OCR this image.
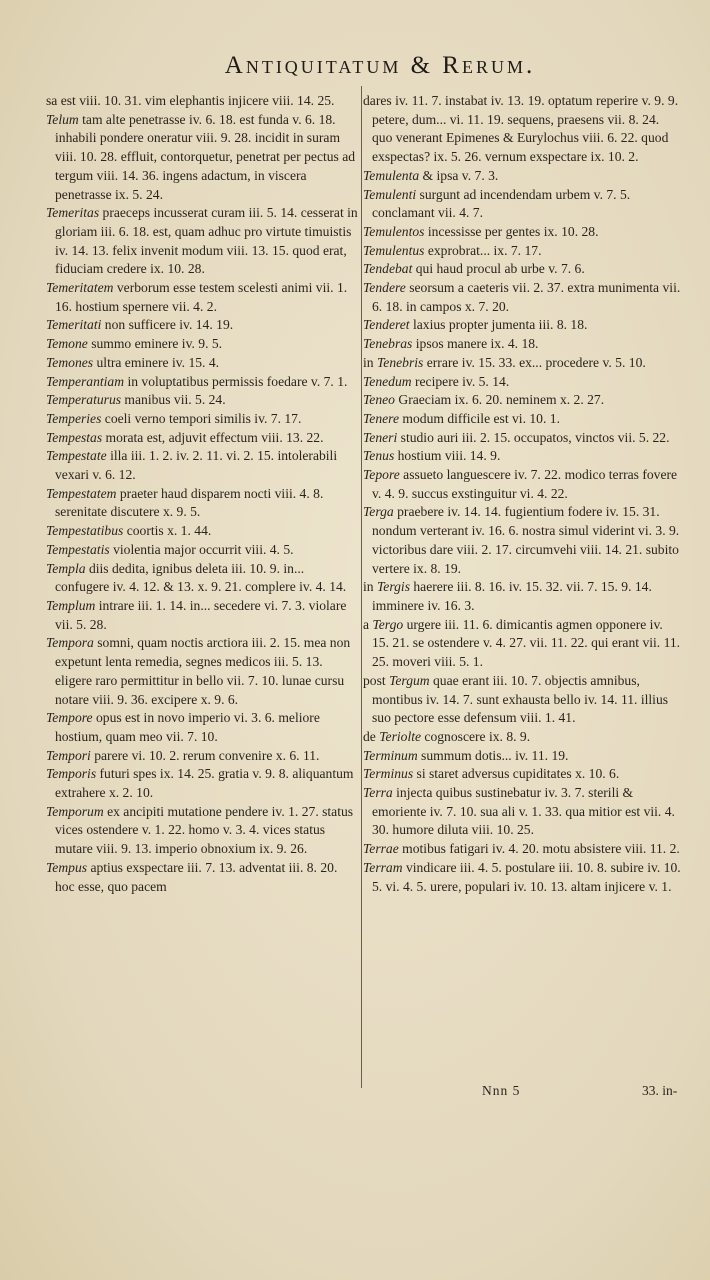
Antiquitatum & Rerum.

sa est viii. 10. 31. vim elephantis injicere viii. 14. 25.

Telum tam alte penetrasse iv. 6. 18. est funda v. 6. 18. inhabili pondere oneratur viii. 9. 28. incidit in suram viii. 10. 28. effluit, contorquetur, penetrat per pectus ad tergum viii. 14. 36. ingens adactum, in viscera penetrasse ix. 5. 24.

Temeritas praeceps incusserat curam iii. 5. 14. cesserat in gloriam iii. 6. 18. est, quam adhuc pro virtute timuistis iv. 14. 13. felix invenit modum viii. 13. 15. quod erat, fiduciam credere ix. 10. 28.

Temeritatem verborum esse testem scelesti animi vii. 1. 16. hostium spernere vii. 4. 2.

Temeritati non sufficere iv. 14. 19.

Temone summo eminere iv. 9. 5.

Temones ultra eminere iv. 15. 4.

Temperantiam in voluptatibus permissis foedare v. 7. 1.

Temperaturus manibus vii. 5. 24.

Temperies coeli verno tempori similis iv. 7. 17.

Tempestas morata est, adjuvit effectum viii. 13. 22.

Tempestate illa iii. 1. 2. iv. 2. 11. vi. 2. 15. intolerabili vexari v. 6. 12.

Tempestatem praeter haud disparem nocti viii. 4. 8. serenitate discutere x. 9. 5.

Tempestatibus coortis x. 1. 44.

Tempestatis violentia major occurrit viii. 4. 5.

Templa diis dedita, ignibus deleta iii. 10. 9. in... confugere iv. 4. 12. & 13. x. 9. 21. complere iv. 4. 14.

Templum intrare iii. 1. 14. in... secedere vi. 7. 3. violare vii. 5. 28.

Tempora somni, quam noctis arctiora iii. 2. 15. mea non expetunt lenta remedia, segnes medicos iii. 5. 13. eligere raro permittitur in bello vii. 7. 10. lunae cursu notare viii. 9. 36. excipere x. 9. 6.

Tempore opus est in novo imperio vi. 3. 6. meliore hostium, quam meo vii. 7. 10.

Tempori parere vi. 10. 2. rerum convenire x. 6. 11.

Temporis futuri spes ix. 14. 25. gratia v. 9. 8. aliquantum extrahere x. 2. 10.

Temporum ex ancipiti mutatione pendere iv. 1. 27. status vices ostendere v. 1. 22. homo v. 3. 4. vices status mutare viii. 9. 13. imperio obnoxium ix. 9. 26.

Tempus aptius exspectare iii. 7. 13. adventat iii. 8. 20. hoc esse, quo pacem

dares iv. 11. 7. instabat iv. 13. 19. optatum reperire v. 9. 9. petere, dum... vi. 11. 19. sequens, praesens vii. 8. 24. quo venerant Epimenes & Eurylochus viii. 6. 22. quod exspectas? ix. 5. 26. vernum exspectare ix. 10. 2.

Temulenta & ipsa v. 7. 3.

Temulenti surgunt ad incendendam urbem v. 7. 5. conclamant vii. 4. 7.

Temulentos incessisse per gentes ix. 10. 28.

Temulentus exprobrat... ix. 7. 17.

Tendebat qui haud procul ab urbe v. 7. 6.

Tendere seorsum a caeteris vii. 2. 37. extra munimenta vii. 6. 18. in campos x. 7. 20.

Tenderet laxius propter jumenta iii. 8. 18.

Tenebras ipsos manere ix. 4. 18.

in Tenebris errare iv. 15. 33. ex... procedere v. 5. 10.

Tenedum recipere iv. 5. 14.

Teneo Graeciam ix. 6. 20. neminem x. 2. 27.

Tenere modum difficile est vi. 10. 1.

Teneri studio auri iii. 2. 15. occupatos, vinctos vii. 5. 22.

Tenus hostium viii. 14. 9.

Tepore assueto languescere iv. 7. 22. modico terras fovere v. 4. 9. succus exstinguitur vi. 4. 22.

Terga praebere iv. 14. 14. fugientium fodere iv. 15. 31. nondum verterant iv. 16. 6. nostra simul viderint vi. 3. 9. victoribus dare viii. 2. 17. circumvehi viii. 14. 21. subito vertere ix. 8. 19.

in Tergis haerere iii. 8. 16. iv. 15. 32. vii. 7. 15. 9. 14. imminere iv. 16. 3.

a Tergo urgere iii. 11. 6. dimicantis agmen opponere iv. 15. 21. se ostendere v. 4. 27. vii. 11. 22. qui erant vii. 11. 25. moveri viii. 5. 1.

post Tergum quae erant iii. 10. 7. objectis amnibus, montibus iv. 14. 7. sunt exhausta bello iv. 14. 11. illius suo pectore esse defensum viii. 1. 41.

de Teriolte cognoscere ix. 8. 9.

Terminum summum dotis... iv. 11. 19.

Terminus si staret adversus cupiditates x. 10. 6.

Terra injecta quibus sustinebatur iv. 3. 7. sterili & emoriente iv. 7. 10. sua ali v. 1. 33. qua mitior est vii. 4. 30. humore diluta viii. 10. 25.

Terrae motibus fatigari iv. 4. 20. motu absistere viii. 11. 2.

Terram vindicare iii. 4. 5. postulare iii. 10. 8. subire iv. 10. 5. vi. 4. 5. urere, populari iv. 10. 13. altam injicere v. 1.

Nnn 5	33. in-
